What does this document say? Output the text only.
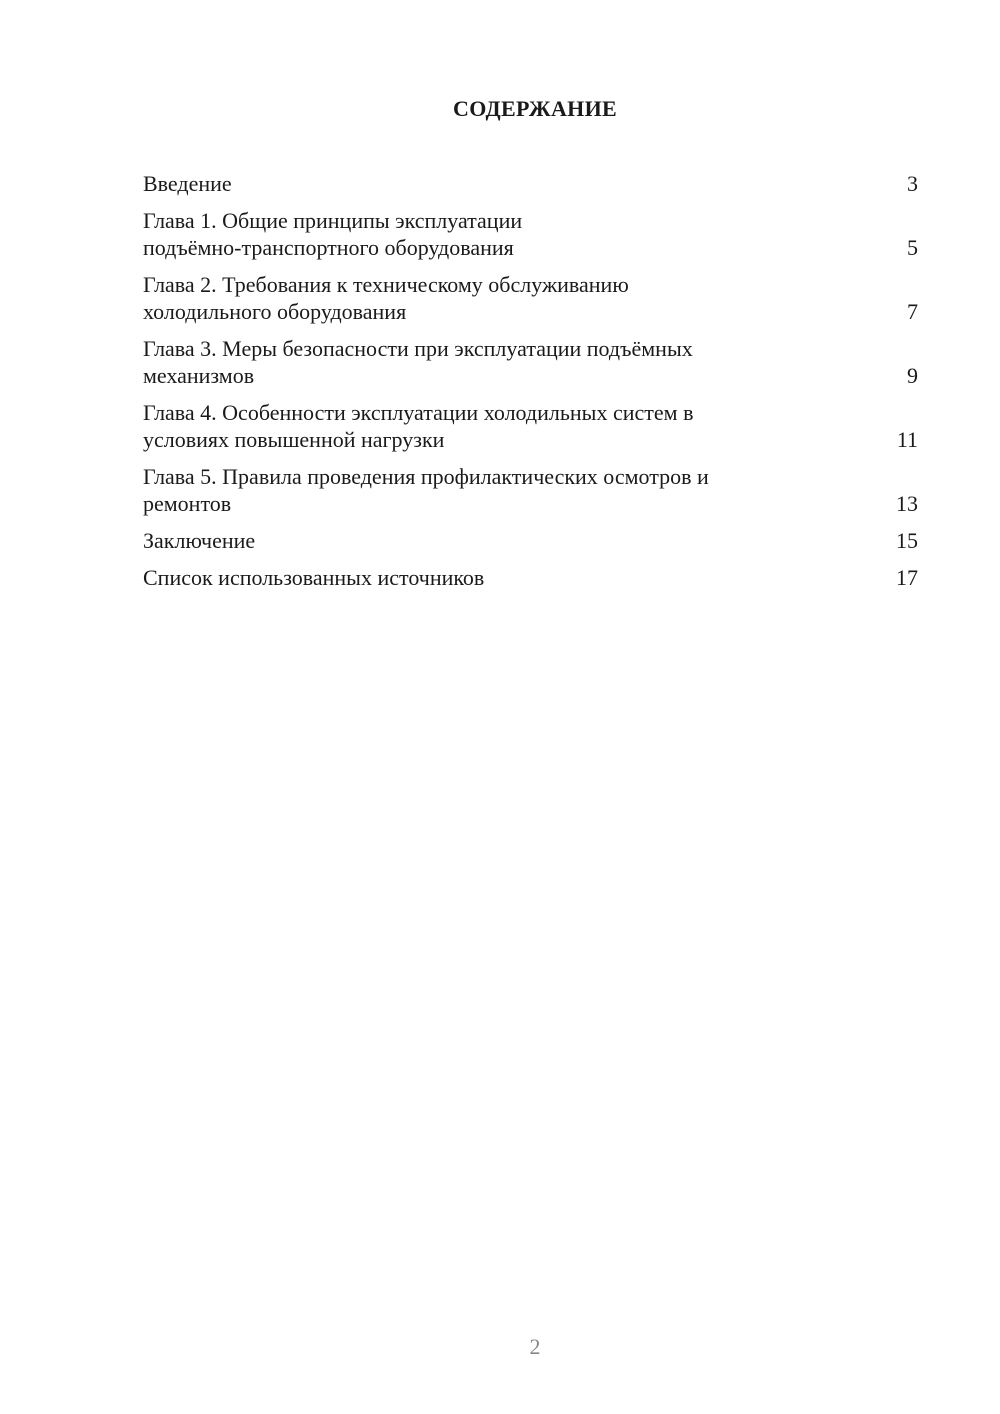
СОДЕРЖАНИЕ
Введение	3
Глава 1. Общие принципы эксплуатации
подъёмно-транспортного оборудования	5
Глава 2. Требования к техническому обслуживанию
холодильного оборудования	7
Глава 3. Меры безопасности при эксплуатации подъёмных
механизмов	9
Глава 4. Особенности эксплуатации холодильных систем в
условиях повышенной нагрузки	11
Глава 5. Правила проведения профилактических осмотров и
ремонтов	13
Заключение	15
Список использованных источников	17
2
